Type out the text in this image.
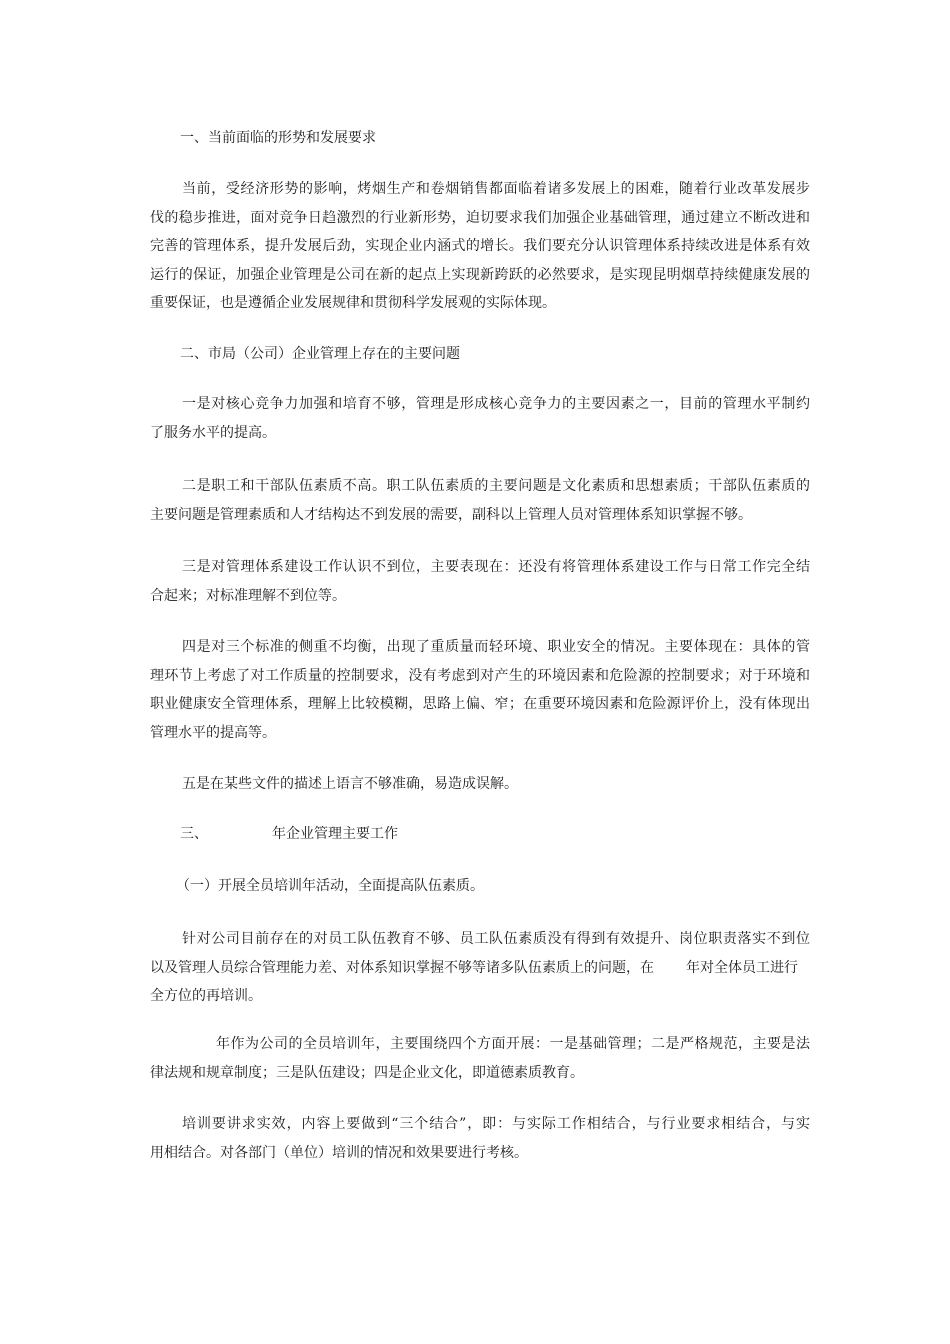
一、当前面临的形势和发展要求

当前，受经济形势的影响，烤烟生产和卷烟销售都面临着诸多发展上的困难，随着行业改革发展步
伐的稳步推进，面对竞争日趋激烈的行业新形势，迫切要求我们加强企业基础管理，通过建立不断改进和
完善的管理体系，提升发展后劲，实现企业内涵式的增长。我们要充分认识管理体系持续改进是体系有效
运行的保证，加强企业管理是公司在新的起点上实现新跨跃的必然要求，是实现昆明烟草持续健康发展的
重要保证，也是遵循企业发展规律和贯彻科学发展观的实际体现。

二、市局（公司）企业管理上存在的主要问题

一是对核心竞争力加强和培育不够，管理是形成核心竞争力的主要因素之一，目前的管理水平制约
了服务水平的提高。
二是职工和干部队伍素质不高。职工队伍素质的主要问题是文化素质和思想素质；干部队伍素质的
主要问题是管理素质和人才结构达不到发展的需要，副科以上管理人员对管理体系知识掌握不够。
三是对管理体系建设工作认识不到位，主要表现在：还没有将管理体系建设工作与日常工作完全结
合起来；对标准理解不到位等。
四是对三个标准的侧重不均衡，出现了重质量而轻环境、职业安全的情况。主要体现在：具体的管
理环节上考虑了对工作质量的控制要求，没有考虑到对产生的环境因素和危险源的控制要求；对于环境和
职业健康安全管理体系，理解上比较模糊，思路上偏、窄；在重要环境因素和危险源评价上，没有体现出
管理水平的提高等。
五是在某些文件的描述上语言不够准确，易造成误解。

三、	年企业管理主要工作

（一）开展全员培训年活动，全面提高队伍素质。

针对公司目前存在的对员工队伍教育不够、员工队伍素质没有得到有效提升、岗位职责落实不到位
以及管理人员综合管理能力差、对体系知识掌握不够等诸多队伍素质上的问题，在 年对全体员工进行
全方位的再培训。
年作为公司的全员培训年，主要围绕四个方面开展：一是基础管理；二是严格规范，主要是法
律法规和规章制度；三是队伍建设；四是企业文化，即道德素质教育。
培训要讲求实效，内容上要做到“三个结合”，即：与实际工作相结合，与行业要求相结合，与实
用相结合。对各部门（单位）培训的情况和效果要进行考核。
